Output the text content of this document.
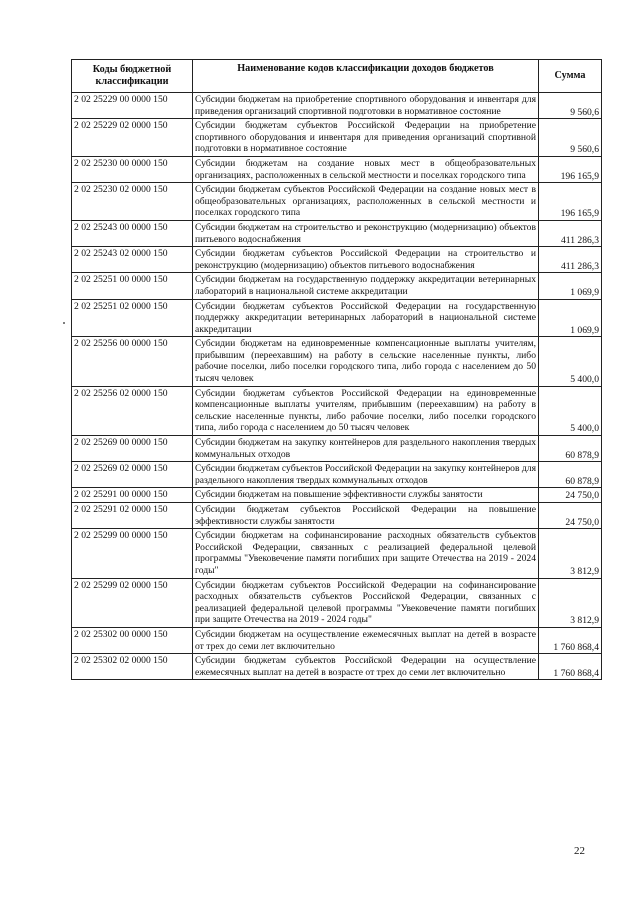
Коды бюджетной классификации	Наименование кодов классификации доходов бюджетов	Сумма
2 02 25229 00 0000 150	Субсидии бюджетам на приобретение спортивного оборудования и инвентаря для приведения организаций спортивной подготовки в нормативное состояние	9 560,6
2 02 25229 02 0000 150	Субсидии бюджетам субъектов Российской Федерации на приобретение спортивного оборудования и инвентаря для приведения организаций спортивной подготовки в нормативное состояние	9 560,6
2 02 25230 00 0000 150	Субсидии бюджетам на создание новых мест в общеобразовательных организациях, расположенных в сельской местности и поселках городского типа	196 165,9
2 02 25230 02 0000 150	Субсидии бюджетам субъектов Российской Федерации на создание новых мест в общеобразовательных организациях, расположенных в сельской местности и поселках городского типа	196 165,9
2 02 25243 00 0000 150	Субсидии бюджетам на строительство и реконструкцию (модернизацию) объектов питьевого водоснабжения	411 286,3
2 02 25243 02 0000 150	Субсидии бюджетам субъектов Российской Федерации на строительство и реконструкцию (модернизацию) объектов питьевого водоснабжения	411 286,3
2 02 25251 00 0000 150	Субсидии бюджетам на государственную поддержку аккредитации ветеринарных лабораторий в национальной системе аккредитации	1 069,9
2 02 25251 02 0000 150	Субсидии бюджетам субъектов Российской Федерации на государственную поддержку аккредитации ветеринарных лабораторий в национальной системе аккредитации	1 069,9
2 02 25256 00 0000 150	Субсидии бюджетам на единовременные компенсационные выплаты учителям, прибывшим (переехавшим) на работу в сельские населенные пункты, либо рабочие поселки, либо поселки городского типа, либо города с населением до 50 тысяч человек	5 400,0
2 02 25256 02 0000 150	Субсидии бюджетам субъектов Российской Федерации на единовременные компенсационные выплаты учителям, прибывшим (переехавшим) на работу в сельские населенные пункты, либо рабочие поселки, либо поселки городского типа, либо города с населением до 50 тысяч человек	5 400,0
2 02 25269 00 0000 150	Субсидии бюджетам на закупку контейнеров для раздельного накопления твердых коммунальных отходов	60 878,9
2 02 25269 02 0000 150	Субсидии бюджетам субъектов Российской Федерации на закупку контейнеров для раздельного накопления твердых коммунальных отходов	60 878,9
2 02 25291 00 0000 150	Субсидии бюджетам на повышение эффективности службы занятости	24 750,0
2 02 25291 02 0000 150	Субсидии бюджетам субъектов Российской Федерации на повышение эффективности службы занятости	24 750,0
2 02 25299 00 0000 150	Субсидии бюджетам на софинансирование расходных обязательств субъектов Российской Федерации, связанных с реализацией федеральной целевой программы "Увековечение памяти погибших при защите Отечества на 2019 - 2024 годы"	3 812,9
2 02 25299 02 0000 150	Субсидии бюджетам субъектов Российской Федерации на софинансирование расходных обязательств субъектов Российской Федерации, связанных с реализацией федеральной целевой программы "Увековечение памяти погибших при защите Отечества на 2019 - 2024 годы"	3 812,9
2 02 25302 00 0000 150	Субсидии бюджетам на осуществление ежемесячных выплат на детей в возрасте от трех до семи лет включительно	1 760 868,4
2 02 25302 02 0000 150	Субсидии бюджетам субъектов Российской Федерации на осуществление ежемесячных выплат на детей в возрасте от трех до семи лет включительно	1 760 868,4
22
